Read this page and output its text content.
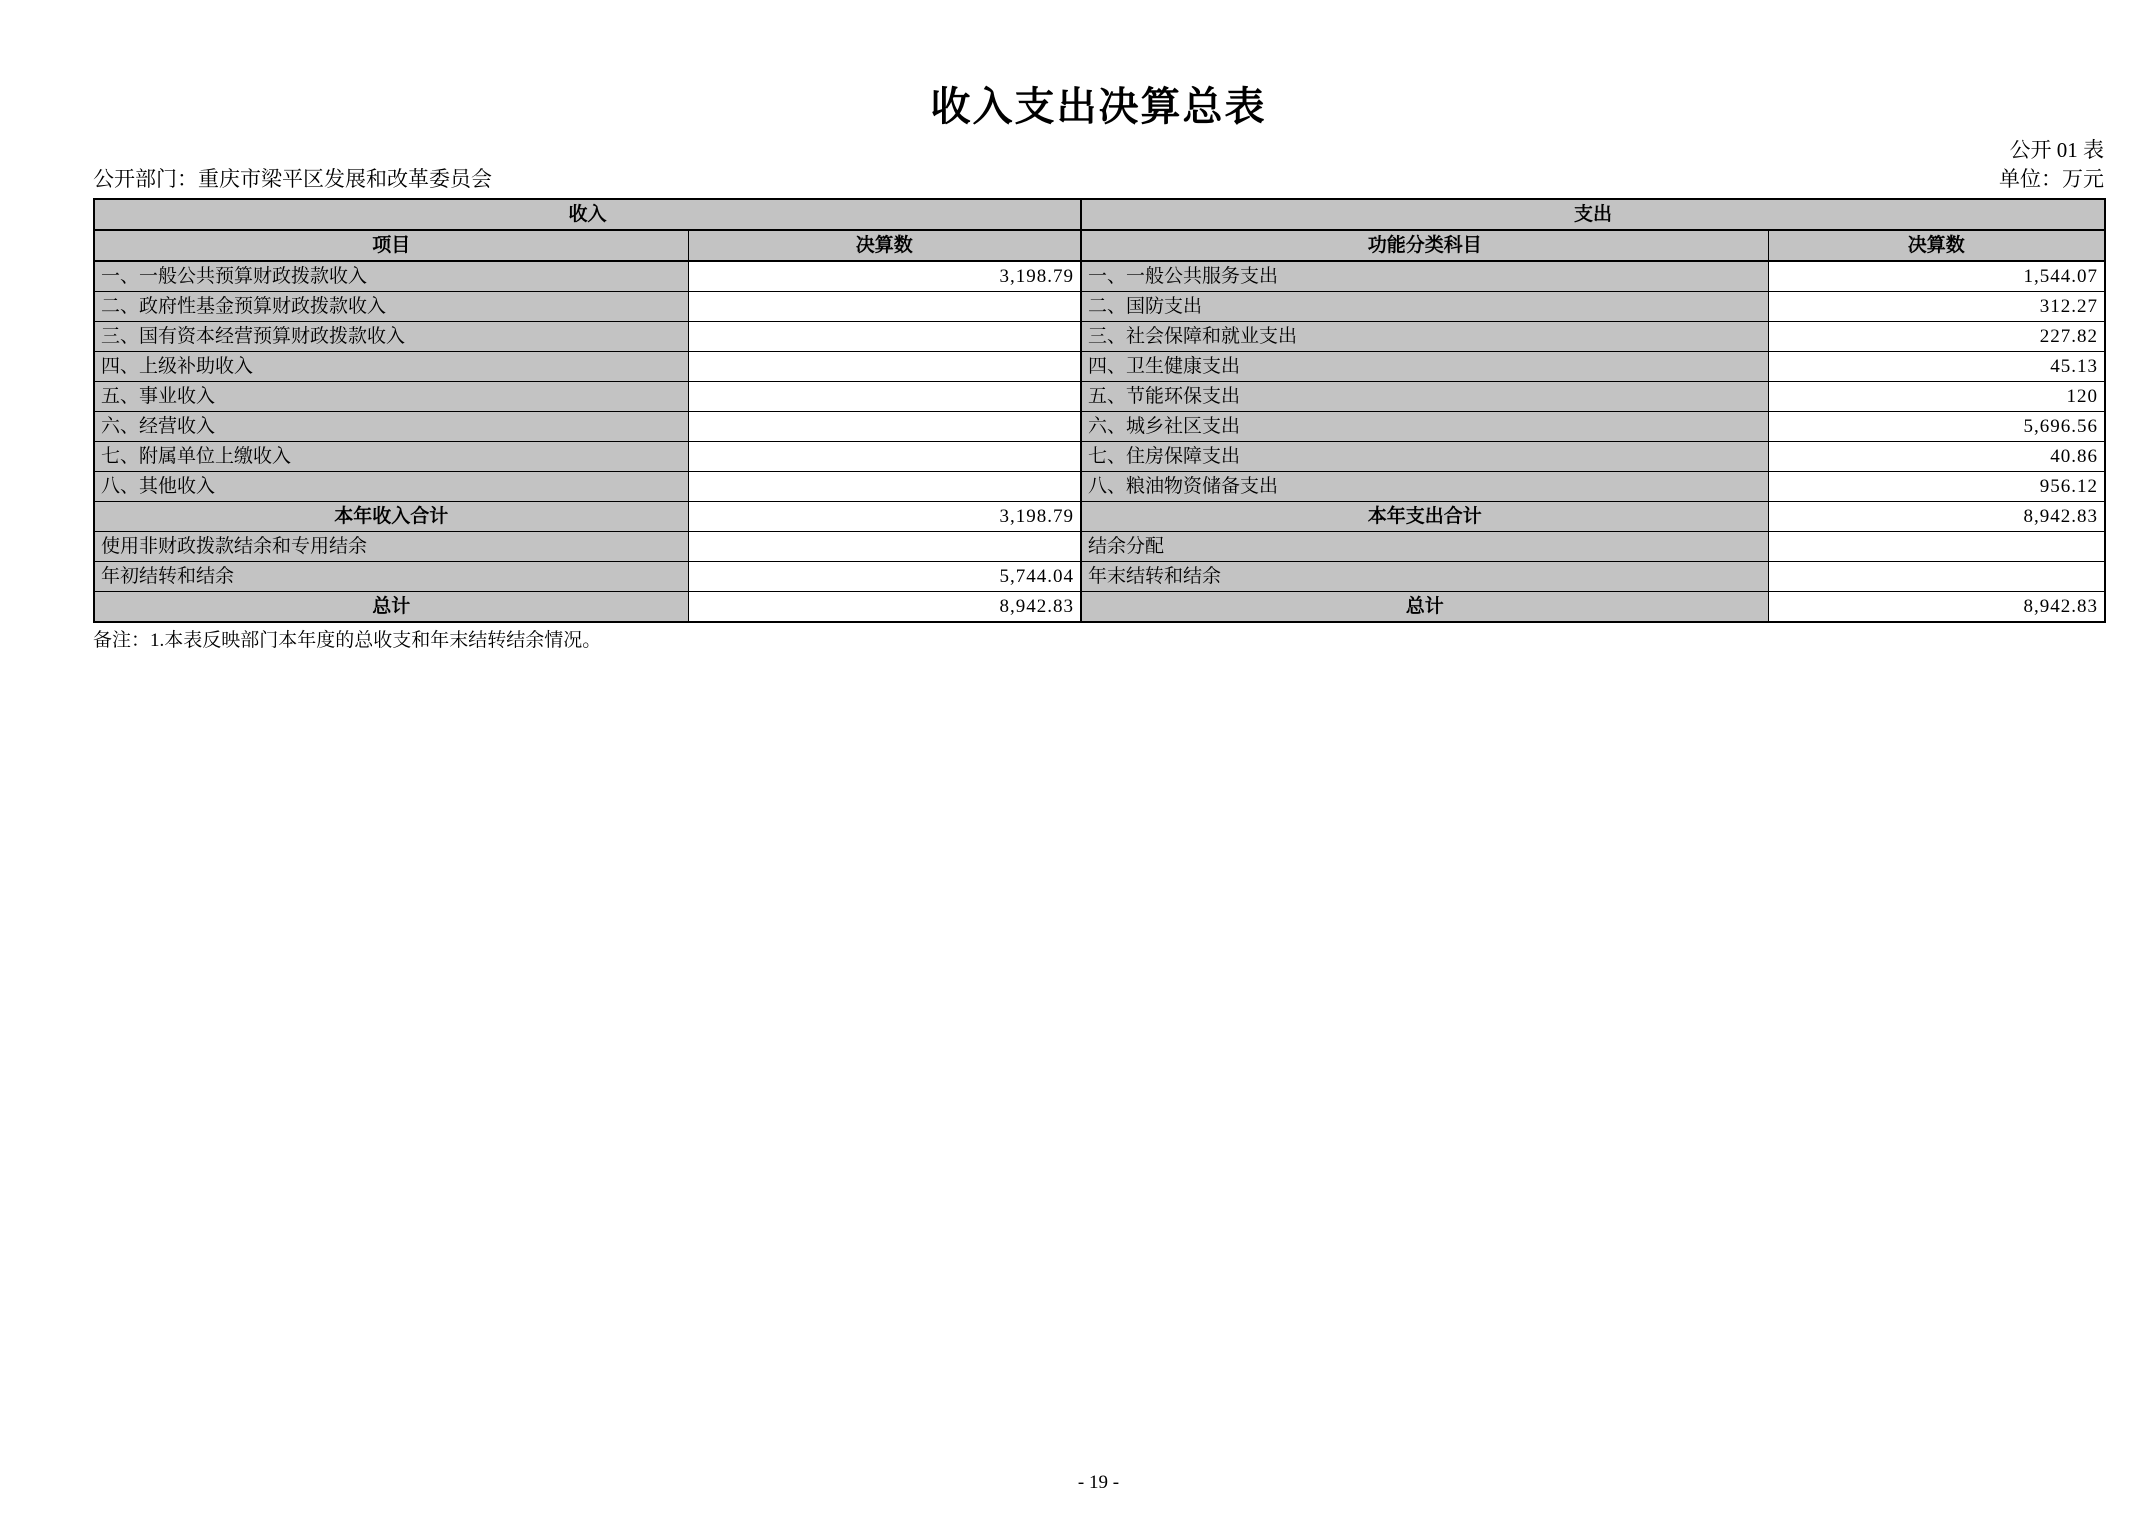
收入支出决算总表
公开 01 表
公开部门：重庆市梁平区发展和改革委员会	单位：万元
收入		支出	
项目	决算数	功能分类科目	决算数
一、一般公共预算财政拨款收入	3,198.79	一、一般公共服务支出	1,544.07
二、政府性基金预算财政拨款收入		二、国防支出	312.27
三、国有资本经营预算财政拨款收入		三、社会保障和就业支出	227.82
四、上级补助收入		四、卫生健康支出	45.13
五、事业收入		五、节能环保支出	120
六、经营收入		六、城乡社区支出	5,696.56
七、附属单位上缴收入		七、住房保障支出	40.86
八、其他收入		八、粮油物资储备支出	956.12
本年收入合计	3,198.79	本年支出合计	8,942.83
使用非财政拨款结余和专用结余		结余分配	
年初结转和结余	5,744.04	年末结转和结余	
总计	8,942.83	总计	8,942.83
备注：1.本表反映部门本年度的总收支和年末结转结余情况。
- 19 -
